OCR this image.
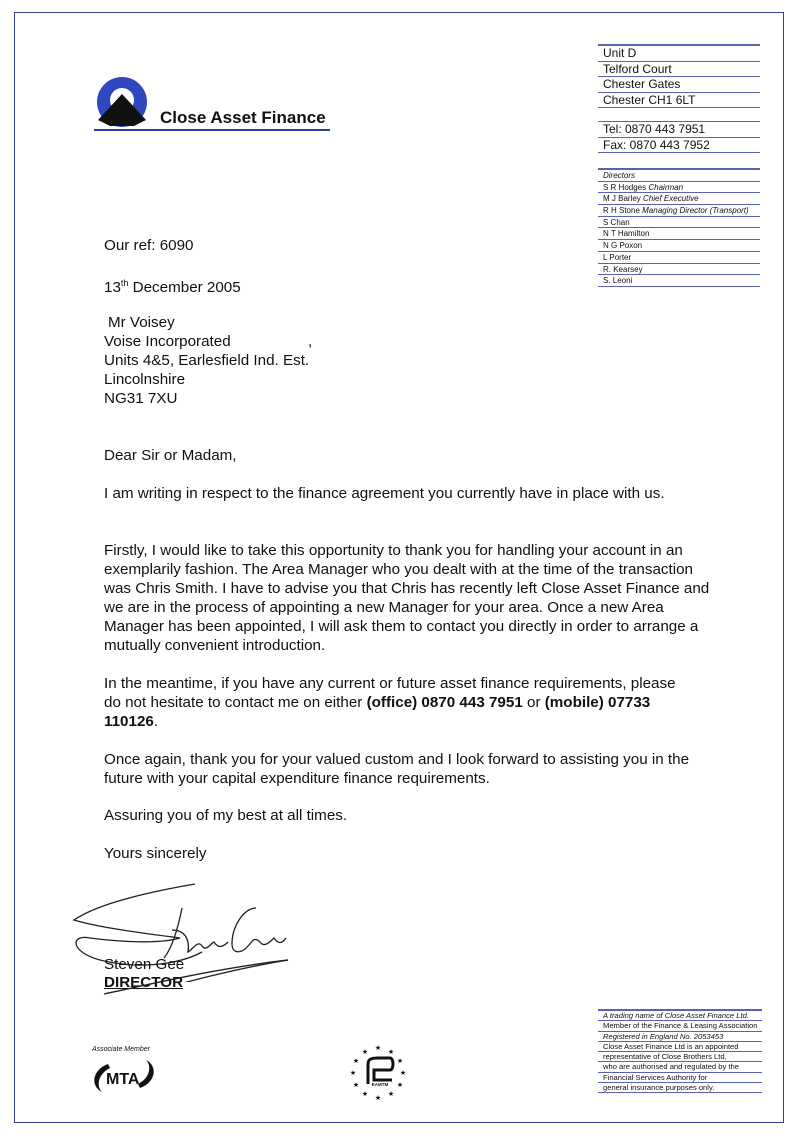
Close Asset Finance
Unit D
Telford Court
Chester Gates
Chester CH1 6LT
Tel: 0870 443 7951
Fax: 0870 443 7952
Directors
S R Hodges Chairman
M J Barley Chief Executive
R H Stone Managing Director (Transport)
S Chan
N T Hamilton
N G Poxon
L Porter
R. Kearsey
S. Leoni
Our ref: 6090
13th December 2005
Mr Voisey
Voise Incorporated	,
Units 4&5, Earlesfield Ind. Est.
Lincolnshire
NG31 7XU
Dear Sir or Madam,
I am writing in respect to the finance agreement you currently have in place with us.
Firstly, I would like to take this opportunity to thank you for handling your account in an exemplarily fashion. The Area Manager who you dealt with at the time of the transaction was Chris Smith. I have to advise you that Chris has recently left Close Asset Finance and we are in the process of appointing a new Manager for your area. Once a new Area Manager has been appointed, I will ask them to contact you directly in order to arrange a mutually convenient introduction.
In the meantime, if you have any current or future asset finance requirements, please do not hesitate to contact me on either (office) 0870 443 7951 or (mobile) 07733 110126.
Once again, thank you for your valued custom and I look forward to assisting you in the future with your capital expenditure finance requirements.
Assuring you of my best at all times.
Yours sincerely
Steven Gee
DIRECTOR
Associate Member
MTA
★ ★
★
★
★
★
★
★
★
★
★
★
EAMTM
A trading name of Close Asset Finance Ltd.
Member of the Finance & Leasing Association
Registered in England No. 2053453
Close Asset Finance Ltd is an appointed
representative of Close Brothers Ltd,
who are authorised and regulated by the
Financial Services Authority for
general insurance purposes only.
